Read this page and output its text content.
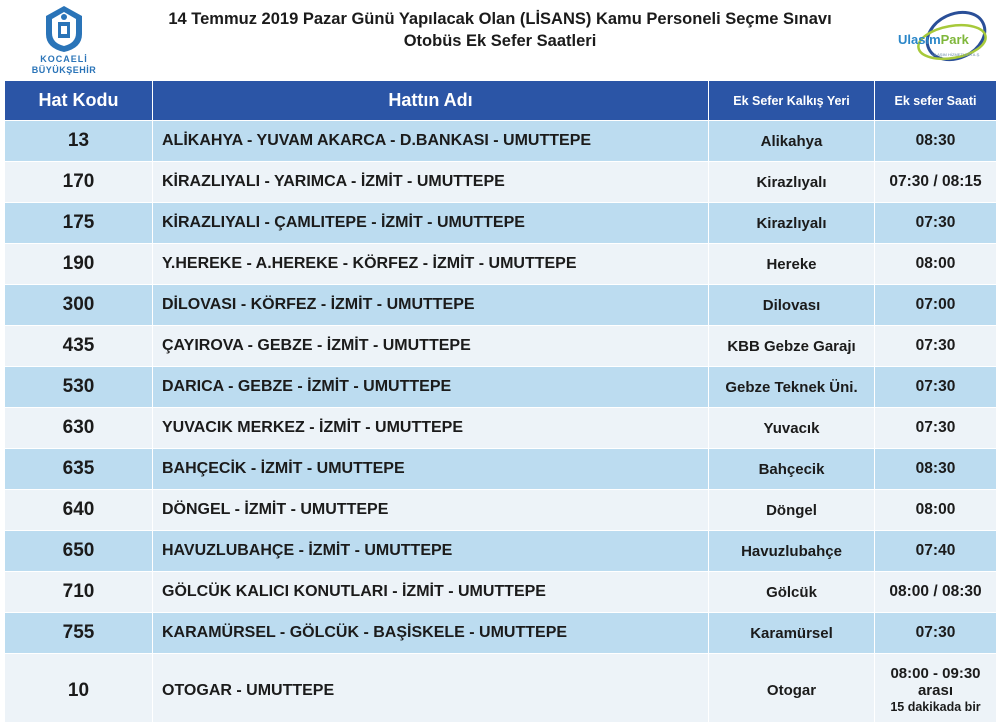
KOCAELİ
BÜYÜKŞEHİR
14 Temmuz 2019 Pazar Günü Yapılacak Olan (LİSANS) Kamu Personeli Seçme Sınavı
Otobüs Ek Sefer Saatleri	UlasımPark
ULAŞIM HİZMETLERİ A.Ş.
Hat Kodu	Hattın Adı	Ek Sefer Kalkış Yeri	Ek sefer Saati
13	ALİKAHYA - YUVAM AKARCA - D.BANKASI - UMUTTEPE	Alikahya	08:30
170	KİRAZLIYALI - YARIMCA - İZMİT - UMUTTEPE	Kirazlıyalı	07:30 / 08:15
175	KİRAZLIYALI - ÇAMLITEPE - İZMİT - UMUTTEPE	Kirazlıyalı	07:30
190	Y.HEREKE - A.HEREKE - KÖRFEZ - İZMİT - UMUTTEPE	Hereke	08:00
300	DİLOVASI - KÖRFEZ - İZMİT - UMUTTEPE	Dilovası	07:00
435	ÇAYIROVA - GEBZE - İZMİT - UMUTTEPE	KBB Gebze Garajı	07:30
530	DARICA - GEBZE - İZMİT - UMUTTEPE	Gebze Teknek Üni.	07:30
630	YUVACIK MERKEZ - İZMİT - UMUTTEPE	Yuvacık	07:30
635	BAHÇECİK - İZMİT - UMUTTEPE	Bahçecik	08:30
640	DÖNGEL - İZMİT - UMUTTEPE	Döngel	08:00
650	HAVUZLUBAHÇE - İZMİT - UMUTTEPE	Havuzlubahçe	07:40
710	GÖLCÜK KALICI KONUTLARI - İZMİT - UMUTTEPE	Gölcük	08:00 / 08:30
755	KARAMÜRSEL - GÖLCÜK - BAŞİSKELE - UMUTTEPE	Karamürsel	07:30
10	OTOGAR - UMUTTEPE	Otogar	08:00 - 09:30
arası
15 dakikada bir
